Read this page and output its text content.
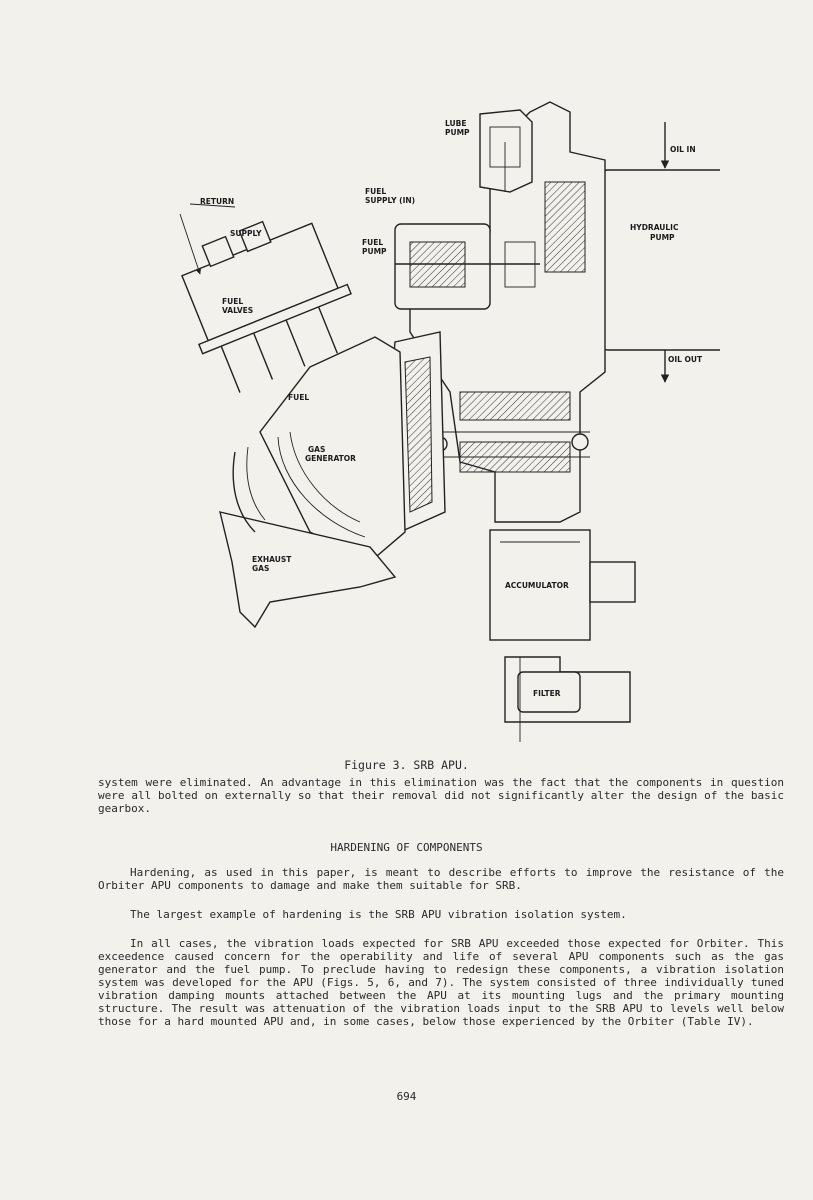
LUBE
PUMP
OIL IN
HYDRAULIC
PUMP
OIL OUT
FUEL
SUPPLY (IN)
FUEL
PUMP
RETURN
SUPPLY
FUEL
VALVES
FUEL
GAS
GENERATOR
EXHAUST
GAS
ACCUMULATOR
FILTER
Figure 3. SRB APU.

system were eliminated. An advantage in this elimination was the fact that the components in question were all bolted on externally so that their removal did not significantly alter the design of the basic gearbox.

HARDENING OF COMPONENTS

Hardening, as used in this paper, is meant to describe efforts to improve the resistance of the Orbiter APU components to damage and make them suitable for SRB.

The largest example of hardening is the SRB APU vibration isolation system.

In all cases, the vibration loads expected for SRB APU exceeded those expected for Orbiter. This exceedence caused concern for the operability and life of several APU components such as the gas generator and the fuel pump. To preclude having to redesign these components, a vibration isolation system was developed for the APU (Figs. 5, 6, and 7). The system consisted of three individually tuned vibration damping mounts attached between the APU at its mounting lugs and the primary mounting structure. The result was attenuation of the vibration loads input to the SRB APU to levels well below those for a hard mounted APU and, in some cases, below those experienced by the Orbiter (Table IV).

694
